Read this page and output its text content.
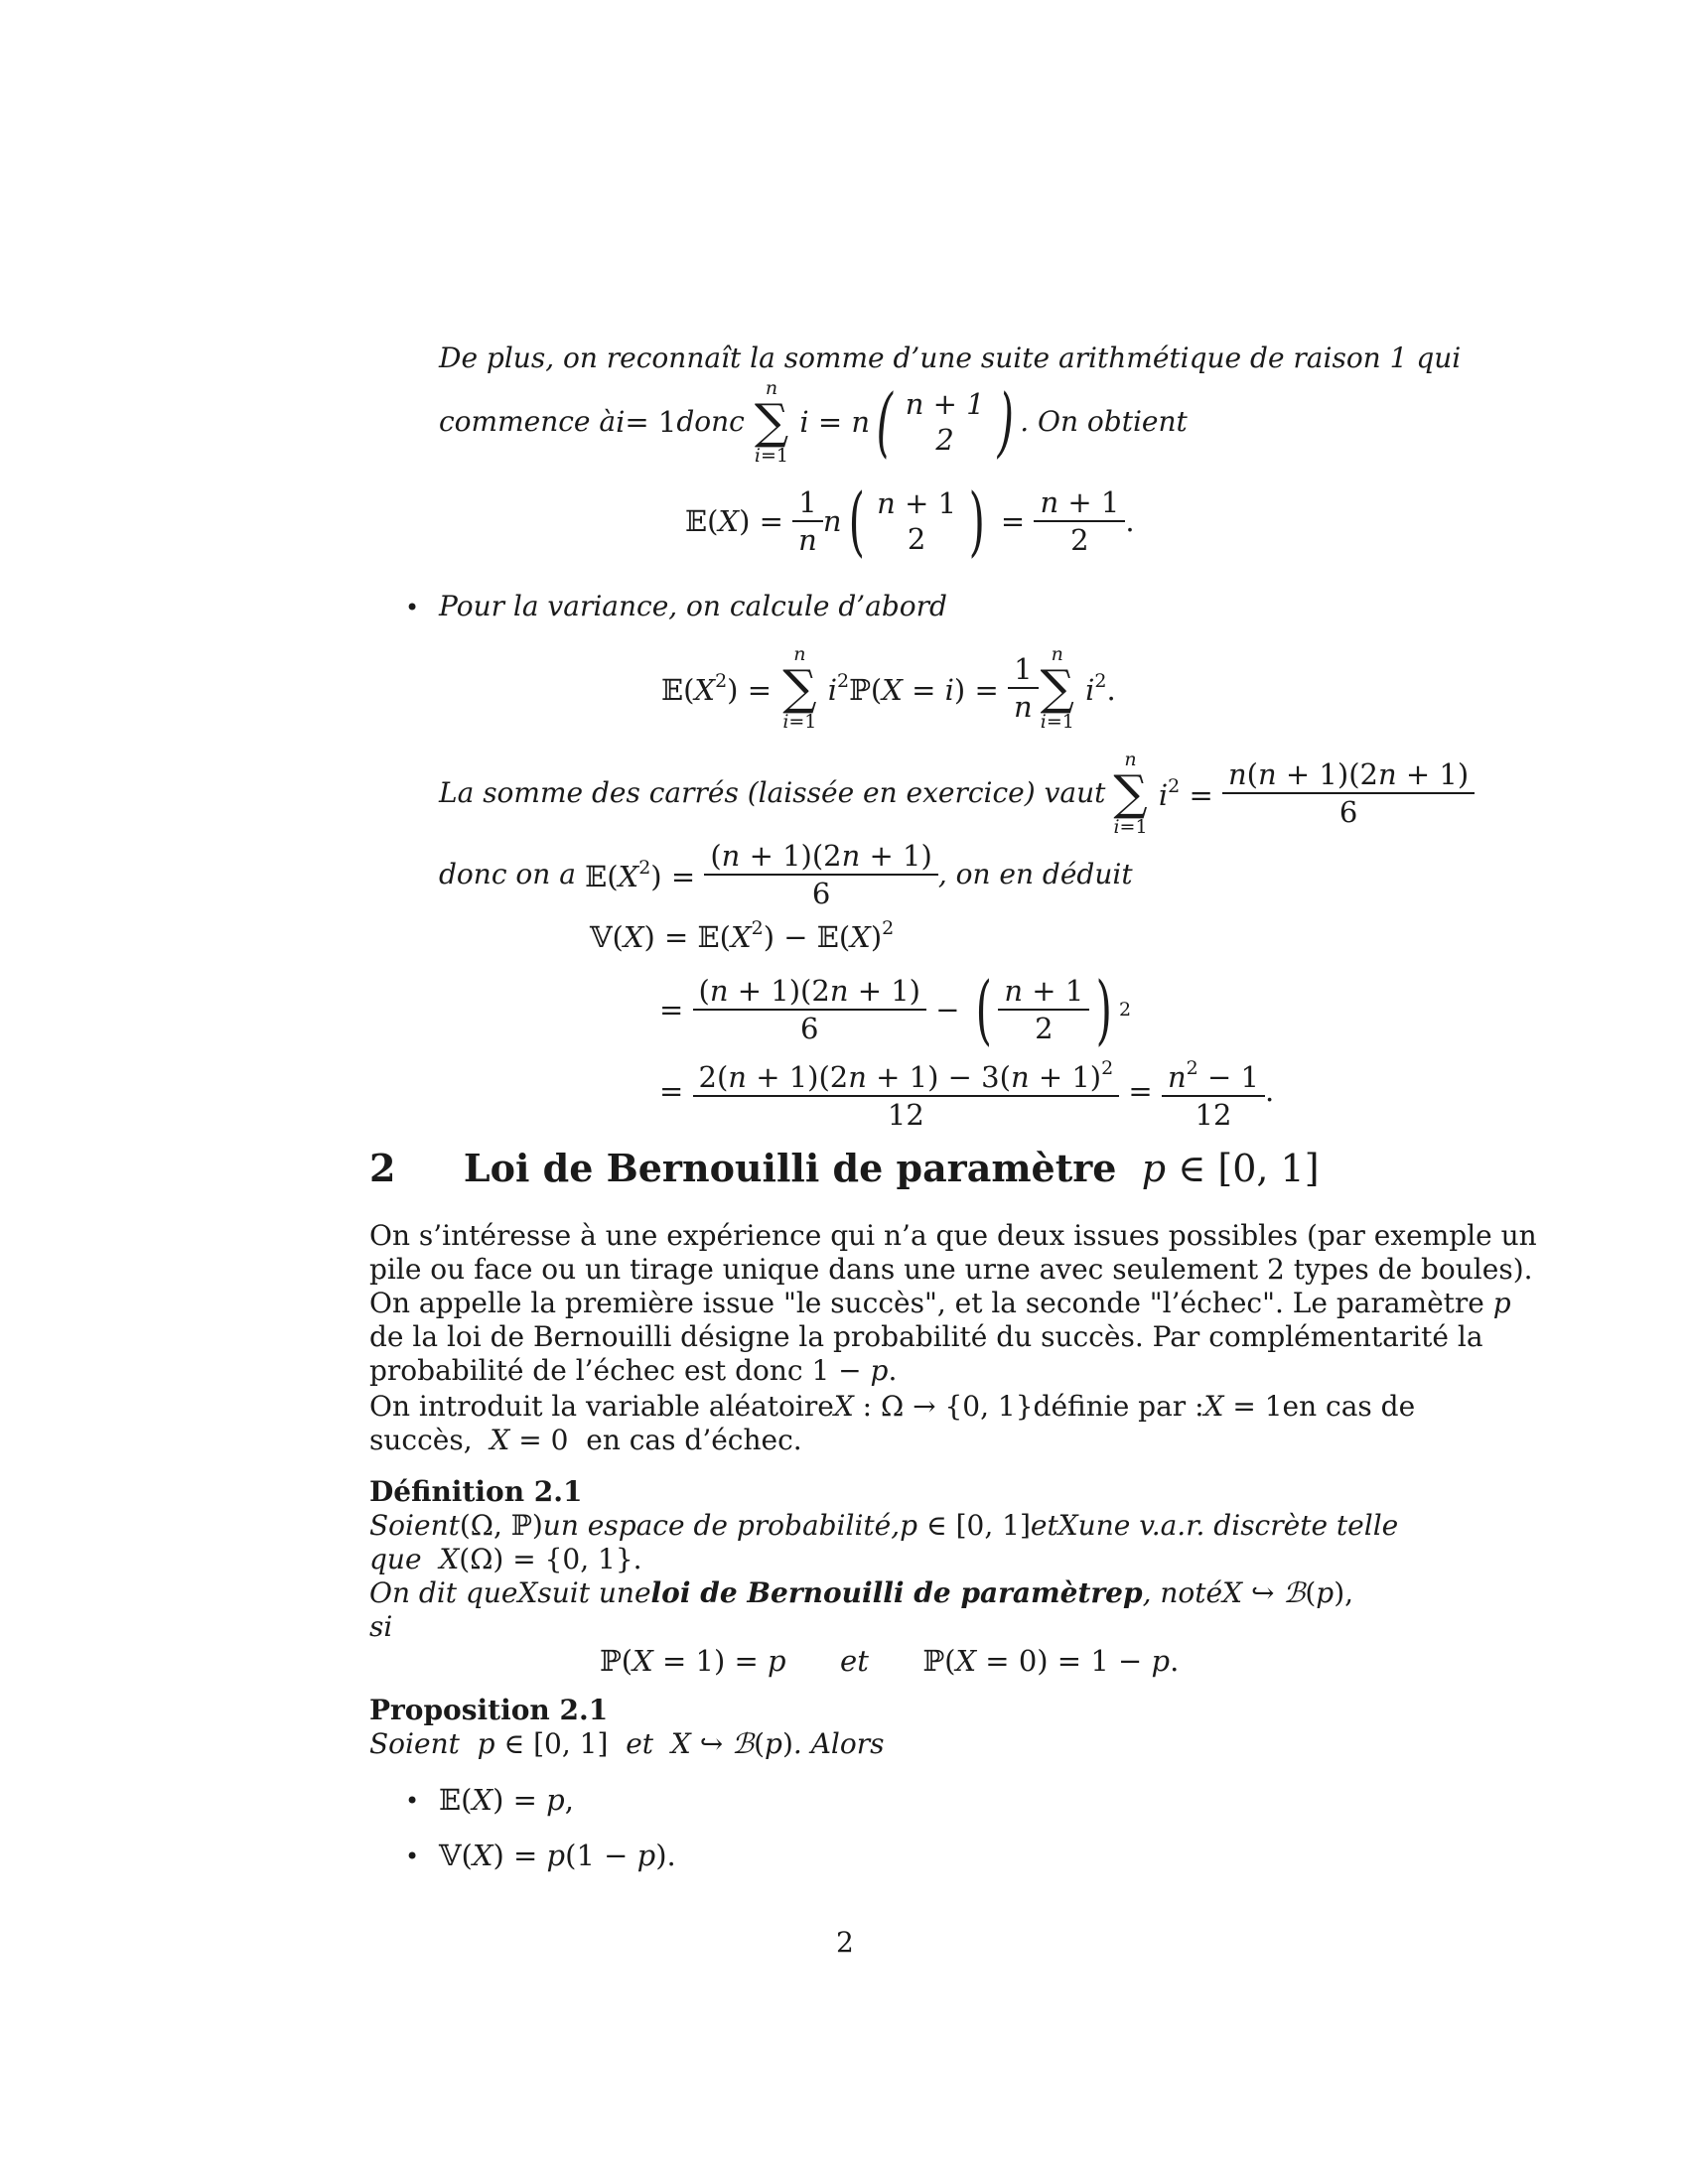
De plus, on reconnaît la somme d’une suite arithmétique de raison 1 qui
commence à i = 1 donc
n
∑
i=1
i = n ( n + 1
2 ) . On obtient
𝔼(X) = $\frac{1}{n}$ n ( n + 1
2 ) = $\frac{n + 1}{2}$ .
• Pour la variance, on calcule d’abord
$𝔼(X^2)$ =
n
∑
i=1
$i^2ℙ(X = i) = \frac{1}{n}$ n
∑
i=1
$i^2$.
La somme des carrés (laissée en exercice) vaut
n
∑
i=1
$i^2 = \frac{n(n + 1)(2n + 1)}{6}$
donc on a $𝔼(X^2) = \frac{(n + 1)(2n + 1)}{6}$ , on en déduit
𝕍(X) = $𝔼(X^2)$ − $𝔼(X)^2$
= $\frac{(n + 1)(2n + 1)}{6}$ − ( $\frac{n + 1}{2}$ ) 2
= $\frac{2(n + 1)(2n + 1) - 3(n + 1)^2}{12} = \frac{n^2 - 1}{12}$ .
2 Loi de Bernouilli de paramètre  p ∈ [0, 1]
On s’intéresse à une expérience qui n’a que deux issues possibles (par exemple un
pile ou face ou un tirage unique dans une urne avec seulement 2 types de boules).
On appelle la première issue "le succès", et la seconde "l’échec". Le paramètre p
de la loi de Bernouilli désigne la probabilité du succès. Par complémentarité la
probabilité de l’échec est donc 1 − p.
On introduit la variable aléatoire X : Ω → {0, 1} définie par : X = 1 en cas de
succès, X = 0  en cas d’échec.
Définition 2.1
Soient (Ω, ℙ) un espace de probabilité, p ∈ [0, 1] et X une v.a.r. discrète telle
que  X(Ω) = {0, 1}.
On dit que X suit une loi de Bernouilli de paramètre p , noté X ↪ ℬ(p),
si
ℙ(X = 1) = p et ℙ(X = 0) = 1 − p.
Proposition 2.1
Soient  p ∈ [0, 1] et  X ↪ ℬ(p). Alors
• 𝔼(X) = p,
• 𝕍(X) = p(1 − p).
2
